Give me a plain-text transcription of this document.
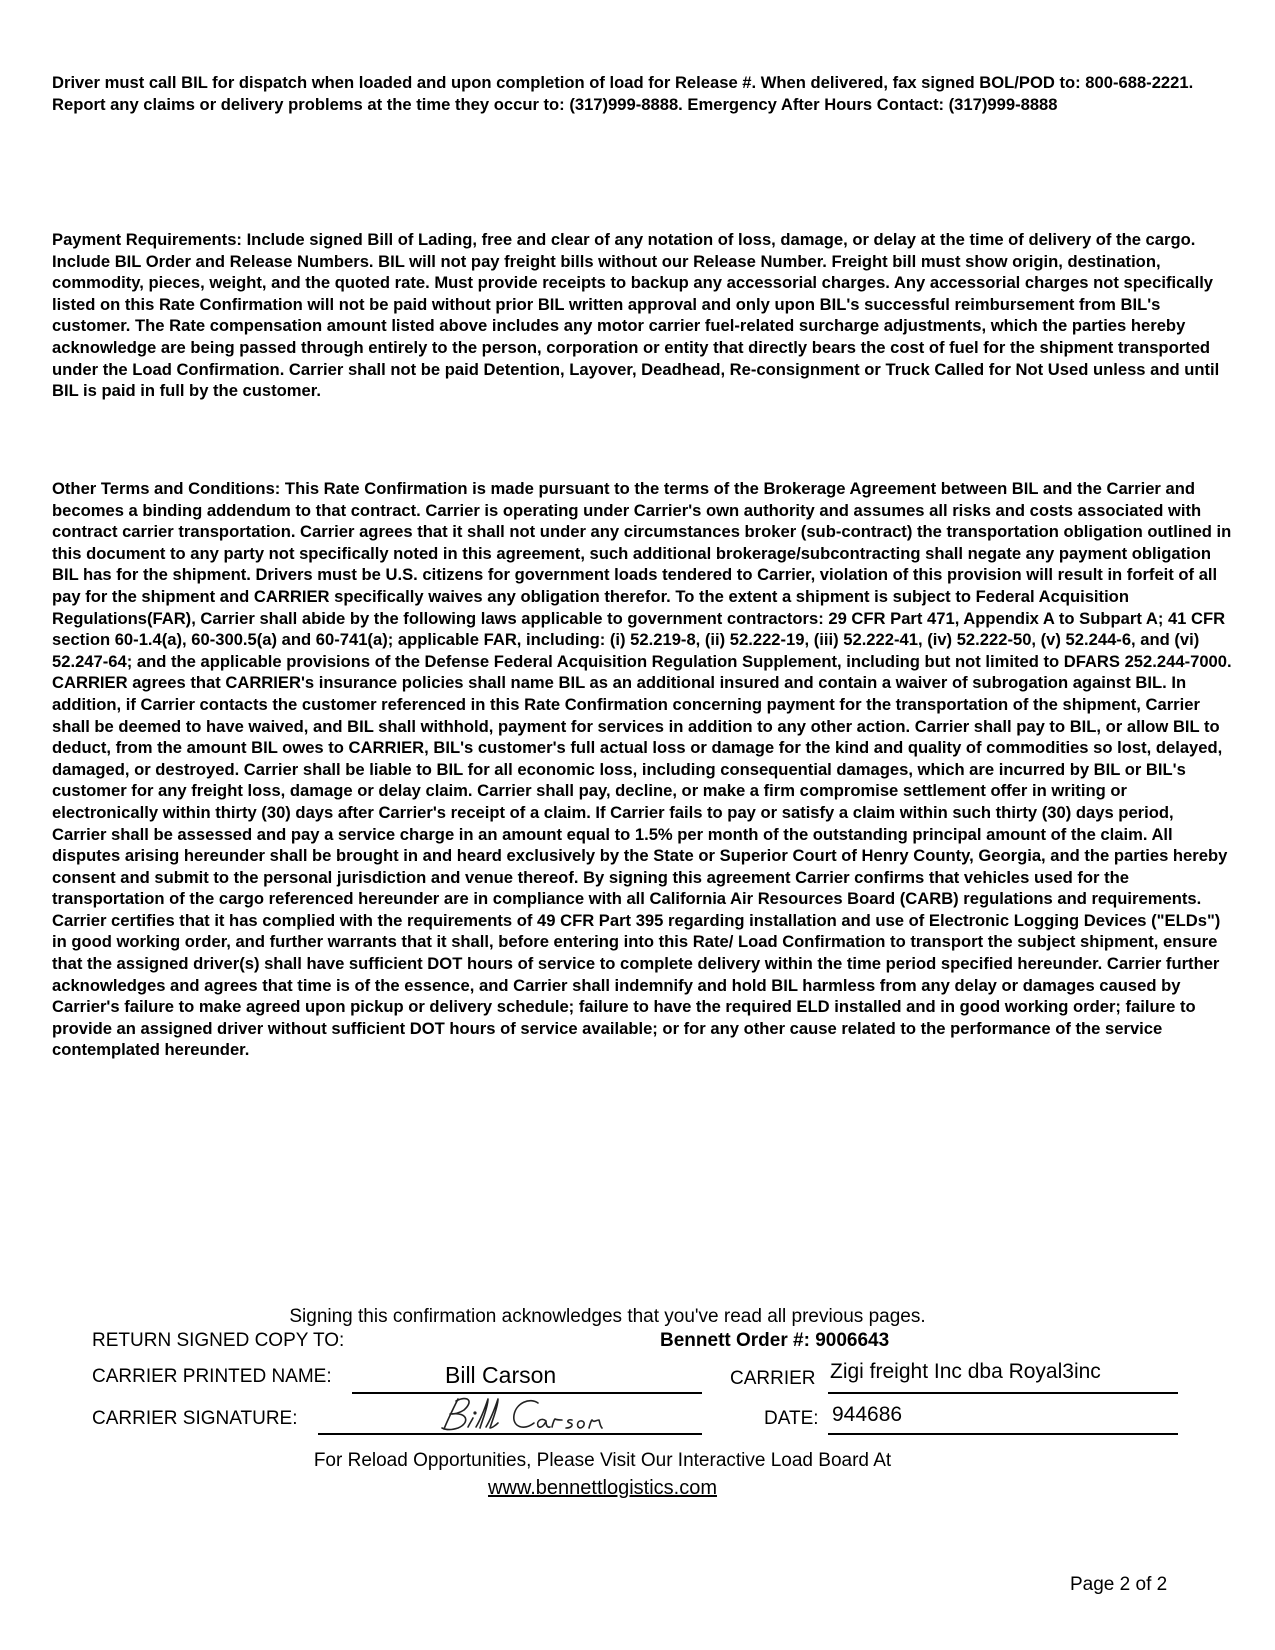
Driver must call BIL for dispatch when loaded and upon completion of load for Release #. When delivered, fax signed BOL/POD to: 800-688-2221. Report any claims or delivery problems at the time they occur to: (317)999-8888. Emergency After Hours Contact: (317)999-8888

Payment Requirements: Include signed Bill of Lading, free and clear of any notation of loss, damage, or delay at the time of delivery of the cargo. Include BIL Order and Release Numbers. BIL will not pay freight bills without our Release Number. Freight bill must show origin, destination, commodity, pieces, weight, and the quoted rate. Must provide receipts to backup any accessorial charges. Any accessorial charges not specifically listed on this Rate Confirmation will not be paid without prior BIL written approval and only upon BIL's successful reimbursement from BIL's customer. The Rate compensation amount listed above includes any motor carrier fuel-related surcharge adjustments, which the parties hereby acknowledge are being passed through entirely to the person, corporation or entity that directly bears the cost of fuel for the shipment transported under the Load Confirmation. Carrier shall not be paid Detention, Layover, Deadhead, Re-consignment or Truck Called for Not Used unless and until BIL is paid in full by the customer.

Other Terms and Conditions: This Rate Confirmation is made pursuant to the terms of the Brokerage Agreement between BIL and the Carrier and becomes a binding addendum to that contract. Carrier is operating under Carrier's own authority and assumes all risks and costs associated with contract carrier transportation. Carrier agrees that it shall not under any circumstances broker (sub-contract) the transportation obligation outlined in this document to any party not specifically noted in this agreement, such additional brokerage/subcontracting shall negate any payment obligation BIL has for the shipment. Drivers must be U.S. citizens for government loads tendered to Carrier, violation of this provision will result in forfeit of all pay for the shipment and CARRIER specifically waives any obligation therefor. To the extent a shipment is subject to Federal Acquisition Regulations(FAR), Carrier shall abide by the following laws applicable to government contractors: 29 CFR Part 471, Appendix A to Subpart A; 41 CFR section 60-1.4(a), 60-300.5(a) and 60-741(a); applicable FAR, including: (i) 52.219-8, (ii) 52.222-19, (iii) 52.222-41, (iv) 52.222-50, (v) 52.244-6, and (vi) 52.247-64; and the applicable provisions of the Defense Federal Acquisition Regulation Supplement, including but not limited to DFARS 252.244-7000. CARRIER agrees that CARRIER's insurance policies shall name BIL as an additional insured and contain a waiver of subrogation against BIL. In addition, if Carrier contacts the customer referenced in this Rate Confirmation concerning payment for the transportation of the shipment, Carrier shall be deemed to have waived, and BIL shall withhold, payment for services in addition to any other action. Carrier shall pay to BIL, or allow BIL to deduct, from the amount BIL owes to CARRIER, BIL's customer's full actual loss or damage for the kind and quality of commodities so lost, delayed, damaged, or destroyed. Carrier shall be liable to BIL for all economic loss, including consequential damages, which are incurred by BIL or BIL's customer for any freight loss, damage or delay claim. Carrier shall pay, decline, or make a firm compromise settlement offer in writing or electronically within thirty (30) days after Carrier's receipt of a claim. If Carrier fails to pay or satisfy a claim within such thirty (30) days period, Carrier shall be assessed and pay a service charge in an amount equal to 1.5% per month of the outstanding principal amount of the claim. All disputes arising hereunder shall be brought in and heard exclusively by the State or Superior Court of Henry County, Georgia, and the parties hereby consent and submit to the personal jurisdiction and venue thereof. By signing this agreement Carrier confirms that vehicles used for the transportation of the cargo referenced hereunder are in compliance with all California Air Resources Board (CARB) regulations and requirements. Carrier certifies that it has complied with the requirements of 49 CFR Part 395 regarding installation and use of Electronic Logging Devices ("ELDs") in good working order, and further warrants that it shall, before entering into this Rate/ Load Confirmation to transport the subject shipment, ensure that the assigned driver(s) shall have sufficient DOT hours of service to complete delivery within the time period specified hereunder. Carrier further acknowledges and agrees that time is of the essence, and Carrier shall indemnify and hold BIL harmless from any delay or damages caused by Carrier's failure to make agreed upon pickup or delivery schedule; failure to have the required ELD installed and in good working order; failure to provide an assigned driver without sufficient DOT hours of service available; or for any other cause related to the performance of the service contemplated hereunder.

Signing this confirmation acknowledges that you've read all previous pages.
RETURN SIGNED COPY TO:	Bennett Order #: 9006643
CARRIER PRINTED NAME:	Bill Carson	CARRIER Zigi freight Inc dba Royal3inc
CARRIER SIGNATURE:	DATE: 944686
For Reload Opportunities, Please Visit Our Interactive Load Board At
www.bennettlogistics.com
Page 2 of 2
